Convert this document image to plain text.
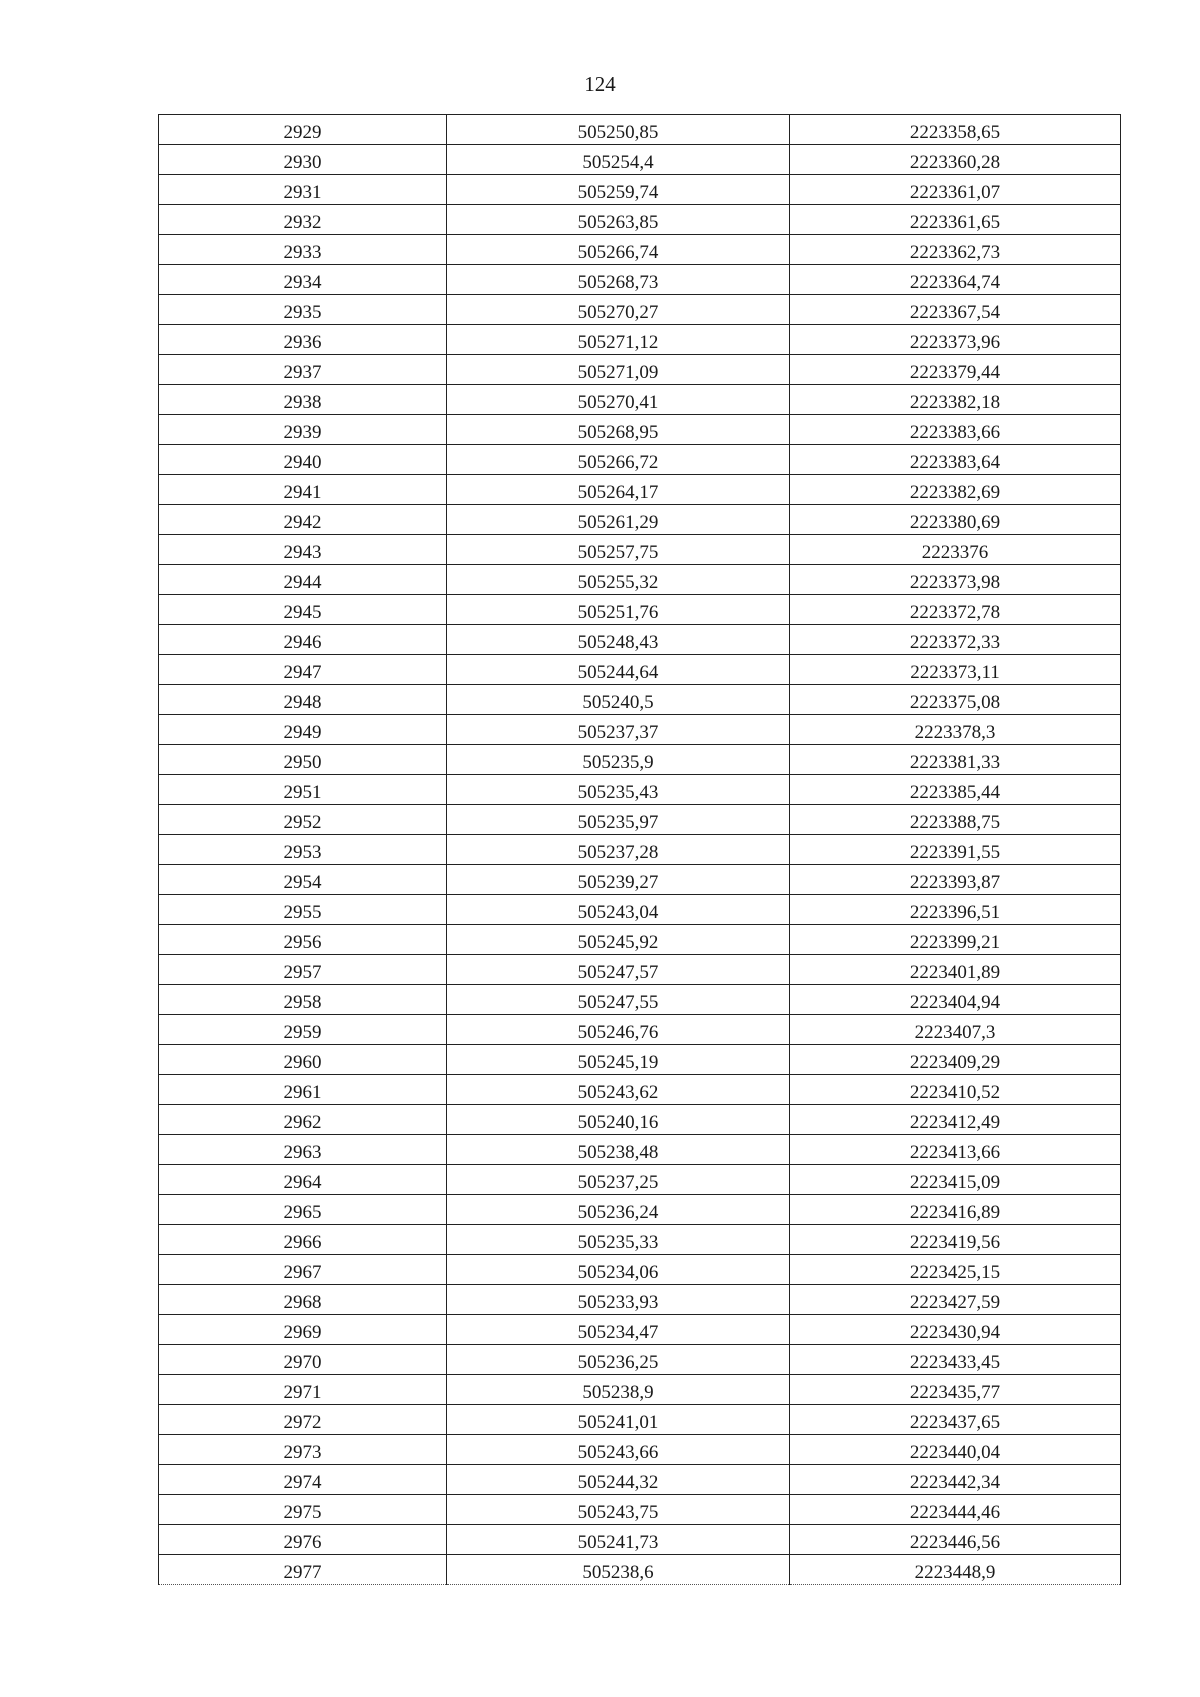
124
2929	505250,85	2223358,65
2930	505254,4	2223360,28
2931	505259,74	2223361,07
2932	505263,85	2223361,65
2933	505266,74	2223362,73
2934	505268,73	2223364,74
2935	505270,27	2223367,54
2936	505271,12	2223373,96
2937	505271,09	2223379,44
2938	505270,41	2223382,18
2939	505268,95	2223383,66
2940	505266,72	2223383,64
2941	505264,17	2223382,69
2942	505261,29	2223380,69
2943	505257,75	2223376
2944	505255,32	2223373,98
2945	505251,76	2223372,78
2946	505248,43	2223372,33
2947	505244,64	2223373,11
2948	505240,5	2223375,08
2949	505237,37	2223378,3
2950	505235,9	2223381,33
2951	505235,43	2223385,44
2952	505235,97	2223388,75
2953	505237,28	2223391,55
2954	505239,27	2223393,87
2955	505243,04	2223396,51
2956	505245,92	2223399,21
2957	505247,57	2223401,89
2958	505247,55	2223404,94
2959	505246,76	2223407,3
2960	505245,19	2223409,29
2961	505243,62	2223410,52
2962	505240,16	2223412,49
2963	505238,48	2223413,66
2964	505237,25	2223415,09
2965	505236,24	2223416,89
2966	505235,33	2223419,56
2967	505234,06	2223425,15
2968	505233,93	2223427,59
2969	505234,47	2223430,94
2970	505236,25	2223433,45
2971	505238,9	2223435,77
2972	505241,01	2223437,65
2973	505243,66	2223440,04
2974	505244,32	2223442,34
2975	505243,75	2223444,46
2976	505241,73	2223446,56
2977	505238,6	2223448,9
